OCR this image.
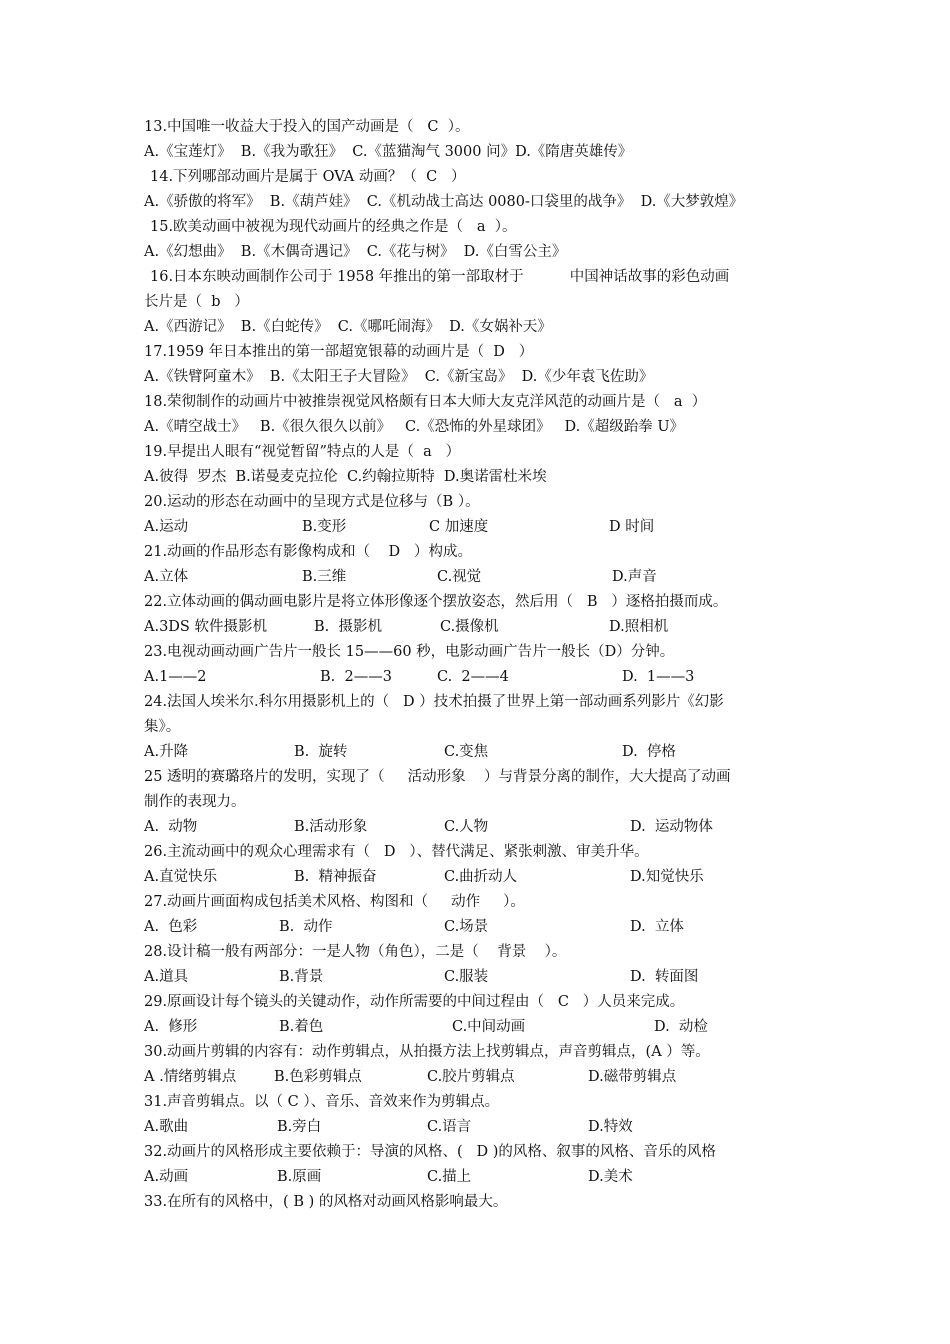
13.中国唯一收益大于投入的国产动画是（   C  ）。
A.《宝莲灯》  B.《我为歌狂》  C.《蓝猫淘气 3000 问》D.《隋唐英雄传》
14.下列哪部动画片是属于 OVA 动画？（  C   ）
A.《骄傲的将军》  B.《葫芦娃》  C.《机动战士高达 0080-口袋里的战争》  D.《大梦敦煌》
15.欧美动画中被视为现代动画片的经典之作是（   a  ）。
A.《幻想曲》  B.《木偶奇遇记》  C.《花与树》  D.《白雪公主》
16.日本东映动画制作公司于 1958 年推出的第一部取材于          中国神话故事的彩色动画
长片是（  b   ）
A.《西游记》  B.《白蛇传》  C.《哪吒闹海》  D.《女娲补天》
17.1959 年日本推出的第一部超宽银幕的动画片是（  D   ）
A.《铁臂阿童木》  B.《太阳王子大冒险》  C.《新宝岛》  D.《少年袁飞佐助》
18.荣彻制作的动画片中被推崇视觉风格颇有日本大师大友克洋风范的动画片是（   a  ）
A.《晴空战士》   B.《很久很久以前》   C.《恐怖的外星球团》   D.《超级跆拳 U》
19.早提出人眼有“视觉暂留”特点的人是（  a   ）
A.彼得  罗杰  B.诺曼麦克拉伦  C.约翰拉斯特  D.奥诺雷杜米埃
20.运动的形态在动画中的呈现方式是位移与（B ）。
A.运动	B.变形	C 加速度	D 时间
21.动画的作品形态有影像构成和（    D   ）构成。
A.立体	B.三维	C.视觉	D.声音
22.立体动画的偶动画电影片是将立体形像逐个摆放姿态，然后用（   B   ）逐格拍摄而成。
A.3DS 软件摄影机	B.  摄影机	C.摄像机	D.照相机
23.电视动画动画广告片一般长 15——60 秒，电影动画广告片一般长（D）分钟。
A.1——2	B.  2——3	C.  2——4	D.  1——3
24.法国人埃米尔.科尔用摄影机上的（   D ）技术拍摄了世界上第一部动画系列影片《幻影
集》。
A.升降	B.  旋转	C.变焦	D.  停格
25 透明的赛璐珞片的发明，实现了（     活动形象    ）与背景分离的制作，大大提高了动画
制作的表现力。
A.  动物	B.活动形象	C.人物	D.  运动物体
26.主流动画中的观众心理需求有（   D   ）、替代满足、紧张刺激、审美升华。
A.直觉快乐	B.  精神振奋	C.曲折动人	D.知觉快乐
27.动画片画面构成包括美术风格、构图和（     动作     ）。
A.  色彩	B.  动作	C.场景	D.  立体
28.设计稿一般有两部分：一是人物（角色），二是（    背景    ）。
A.道具	B.背景	C.服装	D.  转面图
29.原画设计每个镜头的关键动作，动作所需要的中间过程由（   C   ）人员来完成。
A.  修形	B.着色	C.中间动画	D.  动检
30.动画片剪辑的内容有：动作剪辑点，从拍摄方法上找剪辑点，声音剪辑点，(A ）等。
A .情绪剪辑点	B.色彩剪辑点	C.胶片剪辑点	D.磁带剪辑点
31.声音剪辑点。以（ C ）、音乐、音效来作为剪辑点。
A.歌曲	B.旁白	C.语言	D.特效
32.动画片的风格形成主要依赖于：导演的风格、(   D )的风格、叙事的风格、音乐的风格
A.动画	B.原画	C.描上	D.美术
33.在所有的风格中，( B ) 的风格对动画风格影响最大。
